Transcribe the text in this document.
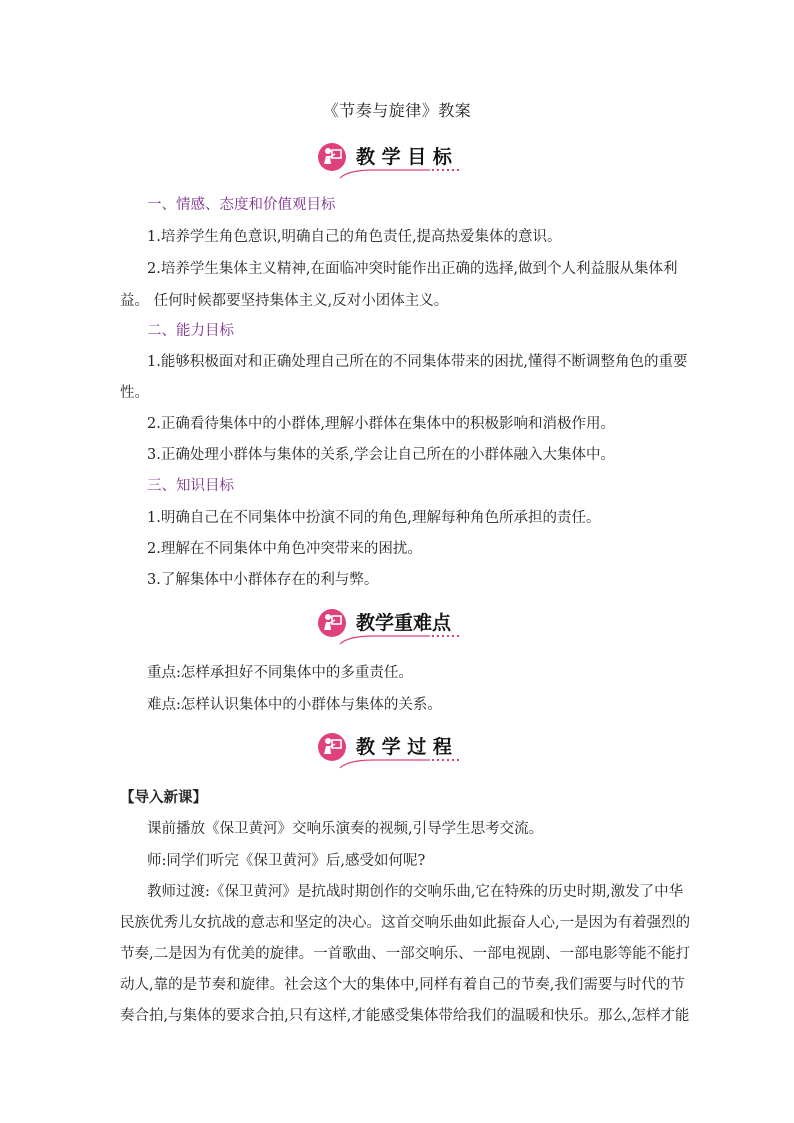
《节奏与旋律》教案
教 学 目 标
一、情感、态度和价值观目标
1.培养学生角色意识,明确自己的角色责任,提高热爱集体的意识。
2.培养学生集体主义精神,在面临冲突时能作出正确的选择,做到个人利益服从集体利
益。 任何时候都要坚持集体主义,反对小团体主义。
二、能力目标
1.能够积极面对和正确处理自己所在的不同集体带来的困扰,懂得不断调整角色的重要
性。
2.正确看待集体中的小群体,理解小群体在集体中的积极影响和消极作用。
3.正确处理小群体与集体的关系,学会让自己所在的小群体融入大集体中。
三、知识目标
1.明确自己在不同集体中扮演不同的角色,理解每种角色所承担的责任。
2.理解在不同集体中角色冲突带来的困扰。
3.了解集体中小群体存在的利与弊。
教学重难点
重点:怎样承担好不同集体中的多重责任。
难点:怎样认识集体中的小群体与集体的关系。
教 学 过 程
【导入新课】
课前播放《保卫黄河》交响乐演奏的视频,引导学生思考交流。
师:同学们听完《保卫黄河》后,感受如何呢?
教师过渡:《保卫黄河》是抗战时期创作的交响乐曲,它在特殊的历史时期,激发了中华
民族优秀儿女抗战的意志和坚定的决心。这首交响乐曲如此振奋人心,一是因为有着强烈的
节奏,二是因为有优美的旋律。一首歌曲、一部交响乐、一部电视剧、一部电影等能不能打
动人,靠的是节奏和旋律。社会这个大的集体中,同样有着自己的节奏,我们需要与时代的节
奏合拍,与集体的要求合拍,只有这样,才能感受集体带给我们的温暖和快乐。那么,怎样才能
